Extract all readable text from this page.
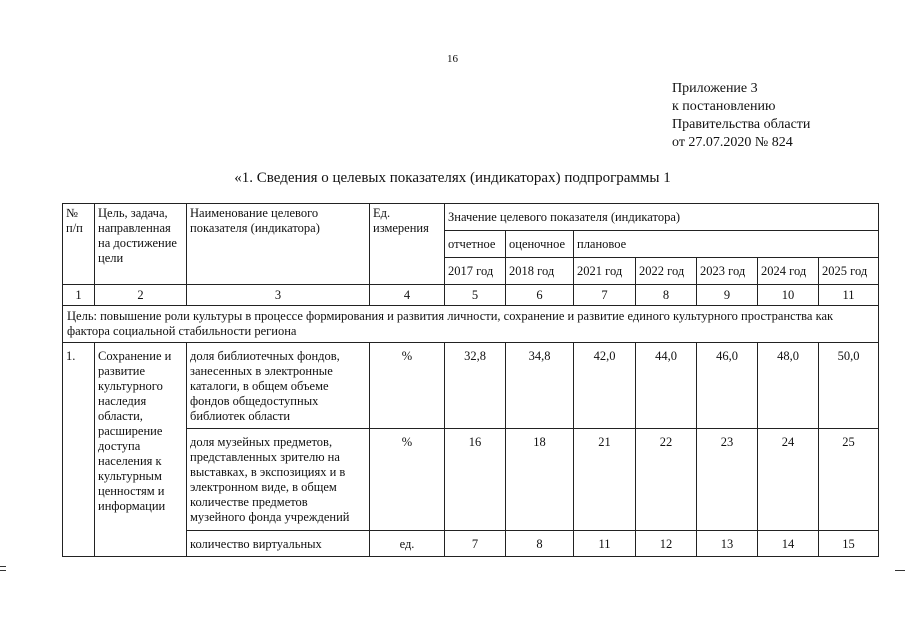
16
Приложение 3
к постановлению
Правительства области
от 27.07.2020 № 824
«1. Сведения о целевых показателях (индикаторах) подпрограммы 1
№ п/п	Цель, задача, направленная на достижение цели	Наименование целевого показателя (индикатора)	Ед. измерения	Значение целевого показателя (индикатора)						
				отчетное	оценочное	плановое				
				2017 год	2018 год	2021 год	2022 год	2023 год	2024 год	2025 год
1	2	3	4	5	6	7	8	9	10	11
Цель: повышение роли культуры в процессе формирования и развития личности, сохранение и развитие единого культурного пространства как фактора социальной стабильности региона										
1.	Сохранение и развитие культурного наследия области, расширение доступа населения к культурным ценностям и информации	доля библиотечных фондов, занесенных в электронные каталоги, в общем объеме фондов общедоступных библиотек области	%	32,8	34,8	42,0	44,0	46,0	48,0	50,0
		доля музейных предметов, представленных зрителю на выставках, в экспозициях и в электронном виде, в общем количестве предметов музейного фонда учреждений	%	16	18	21	22	23	24	25
		количество виртуальных	ед.	7	8	11	12	13	14	15
